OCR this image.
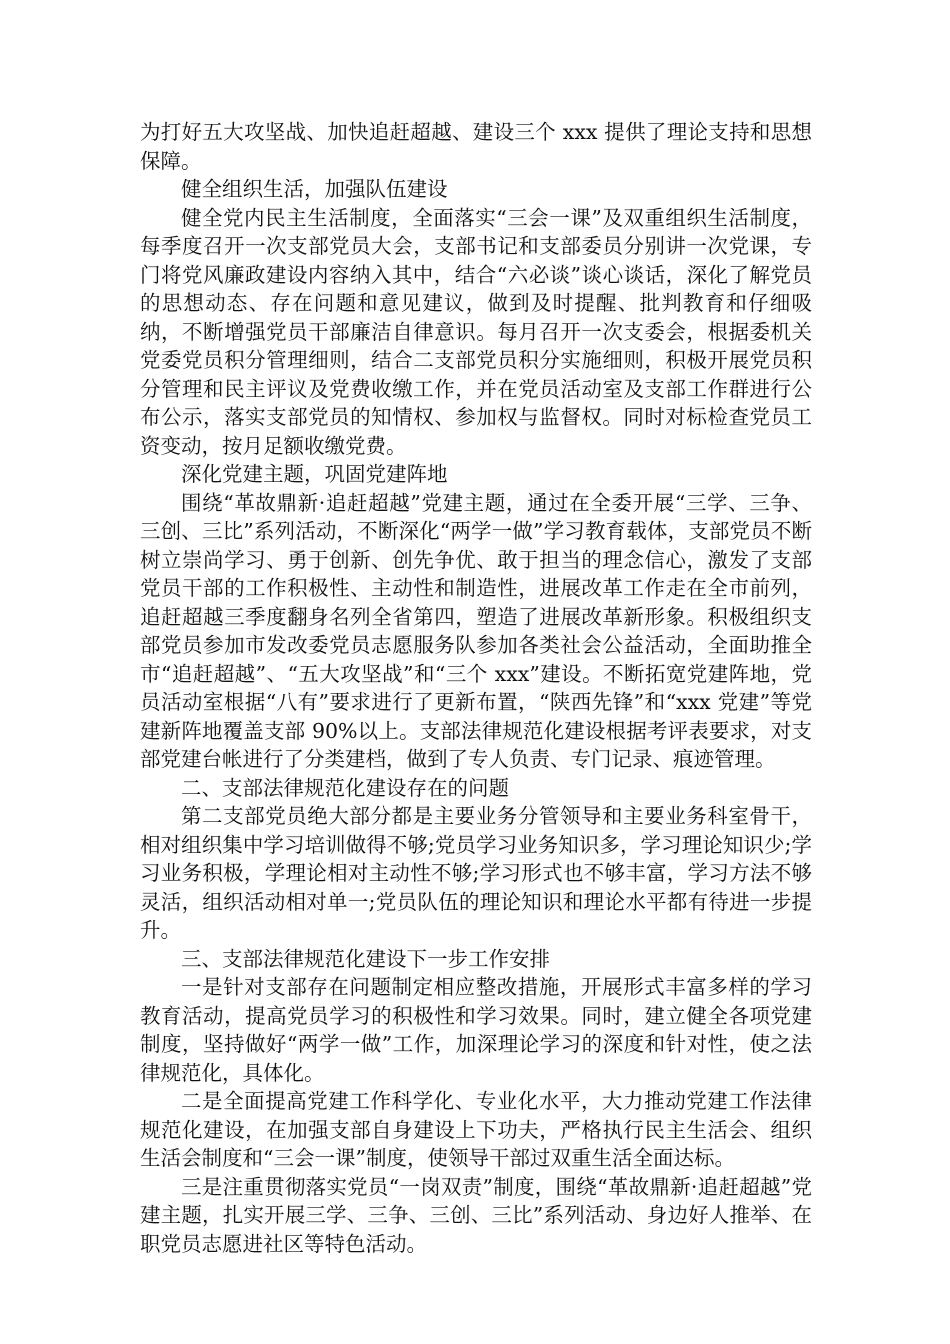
为打好五大攻坚战、加快追赶超越、建设三个 xxx 提供了理论支持和思想保障。

健全组织生活，加强队伍建设

健全党内民主生活制度，全面落实“三会一课”及双重组织生活制度，每季度召开一次支部党员大会，支部书记和支部委员分别讲一次党课，专门将党风廉政建设内容纳入其中，结合“六必谈”谈心谈话，深化了解党员的思想动态、存在问题和意见建议，做到及时提醒、批判教育和仔细吸纳，不断增强党员干部廉洁自律意识。每月召开一次支委会，根据委机关党委党员积分管理细则，结合二支部党员积分实施细则，积极开展党员积分管理和民主评议及党费收缴工作，并在党员活动室及支部工作群进行公布公示，落实支部党员的知情权、参加权与监督权。同时对标检查党员工资变动，按月足额收缴党费。

深化党建主题，巩固党建阵地

围绕“革故鼎新·追赶超越”党建主题，通过在全委开展“三学、三争、三创、三比”系列活动，不断深化“两学一做”学习教育载体，支部党员不断树立崇尚学习、勇于创新、创先争优、敢于担当的理念信心，激发了支部党员干部的工作积极性、主动性和制造性，进展改革工作走在全市前列，追赶超越三季度翻身名列全省第四，塑造了进展改革新形象。积极组织支部党员参加市发改委党员志愿服务队参加各类社会公益活动，全面助推全市“追赶超越”、“五大攻坚战”和“三个 xxx”建设。不断拓宽党建阵地，党员活动室根据“八有”要求进行了更新布置，“陕西先锋”和“xxx 党建”等党建新阵地覆盖支部 90%以上。支部法律规范化建设根据考评表要求，对支部党建台帐进行了分类建档，做到了专人负责、专门记录、痕迹管理。

二、支部法律规范化建设存在的问题

第二支部党员绝大部分都是主要业务分管领导和主要业务科室骨干，相对组织集中学习培训做得不够;党员学习业务知识多，学习理论知识少;学习业务积极，学理论相对主动性不够;学习形式也不够丰富，学习方法不够灵活，组织活动相对单一;党员队伍的理论知识和理论水平都有待进一步提升。

三、支部法律规范化建设下一步工作安排

一是针对支部存在问题制定相应整改措施，开展形式丰富多样的学习教育活动，提高党员学习的积极性和学习效果。同时，建立健全各项党建制度，坚持做好“两学一做”工作，加深理论学习的深度和针对性，使之法律规范化，具体化。

二是全面提高党建工作科学化、专业化水平，大力推动党建工作法律规范化建设，在加强支部自身建设上下功夫，严格执行民主生活会、组织生活会制度和“三会一课”制度，使领导干部过双重生活全面达标。

三是注重贯彻落实党员“一岗双责”制度，围绕“革故鼎新·追赶超越”党建主题，扎实开展三学、三争、三创、三比”系列活动、身边好人推举、在职党员志愿进社区等特色活动。
